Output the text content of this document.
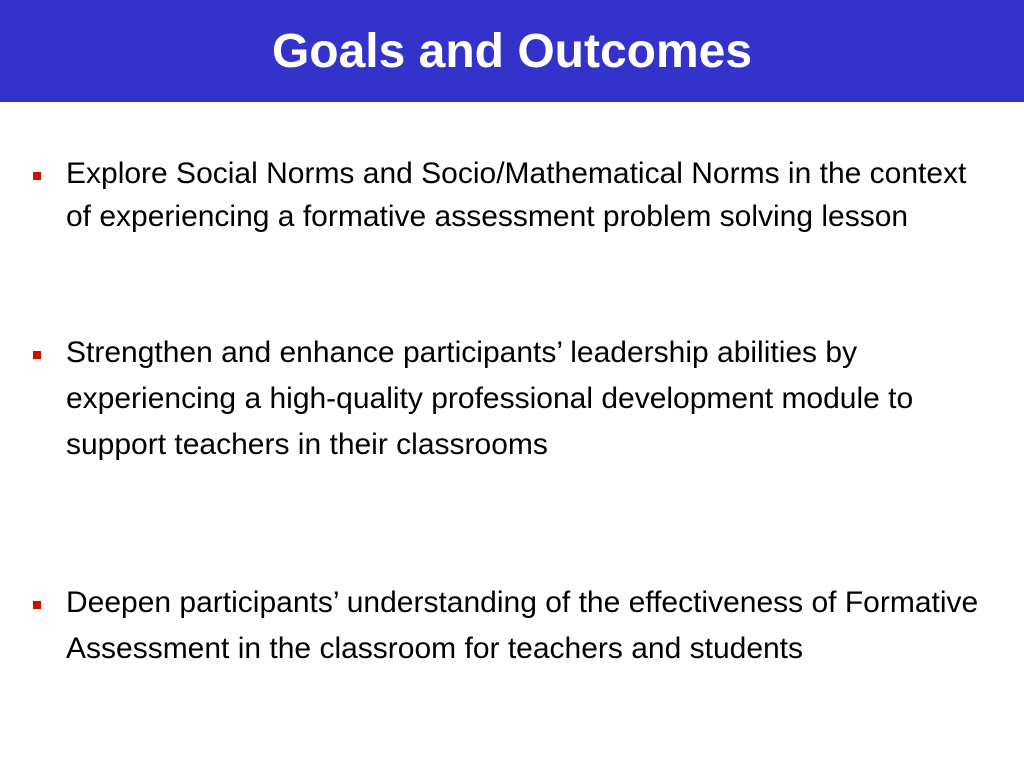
Goals and Outcomes

Explore Social Norms and Socio/Mathematical Norms in the context of experiencing a formative assessment problem solving lesson

Strengthen and enhance participants’ leadership abilities by experiencing a high-quality professional development module to support teachers in their classrooms

Deepen participants’ understanding of the effectiveness of Formative Assessment in the classroom for teachers and students
